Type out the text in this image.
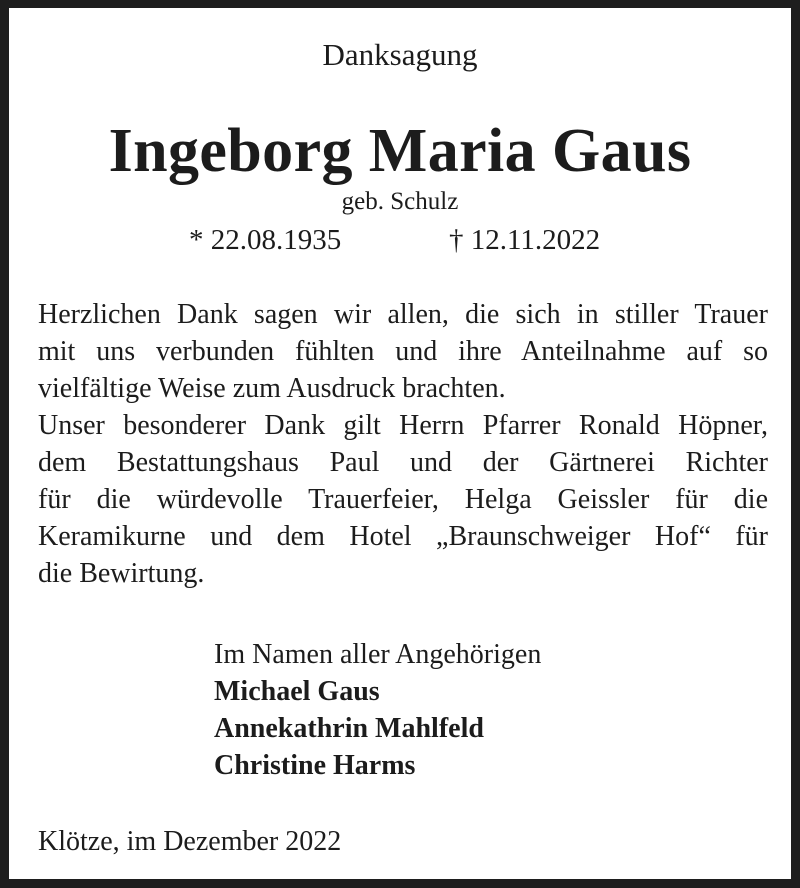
Danksagung

Ingeborg Maria Gaus

geb. Schulz

* 22.08.1935	† 12.11.2022

Herzlichen Dank sagen wir allen, die sich in stiller Trauer
mit uns verbunden fühlten und ihre Anteilnahme auf so
vielfältige Weise zum Ausdruck brachten.
Unser besonderer Dank gilt Herrn Pfarrer Ronald Höpner,
dem Bestattungshaus Paul und der Gärtnerei Richter
für die würdevolle Trauerfeier, Helga Geissler für die
Keramikurne und dem Hotel „Braunschweiger Hof“ für
die Bewirtung.
Im Namen aller Angehörigen
Michael Gaus
Annekathrin Mahlfeld
Christine Harms

Klötze, im Dezember 2022
